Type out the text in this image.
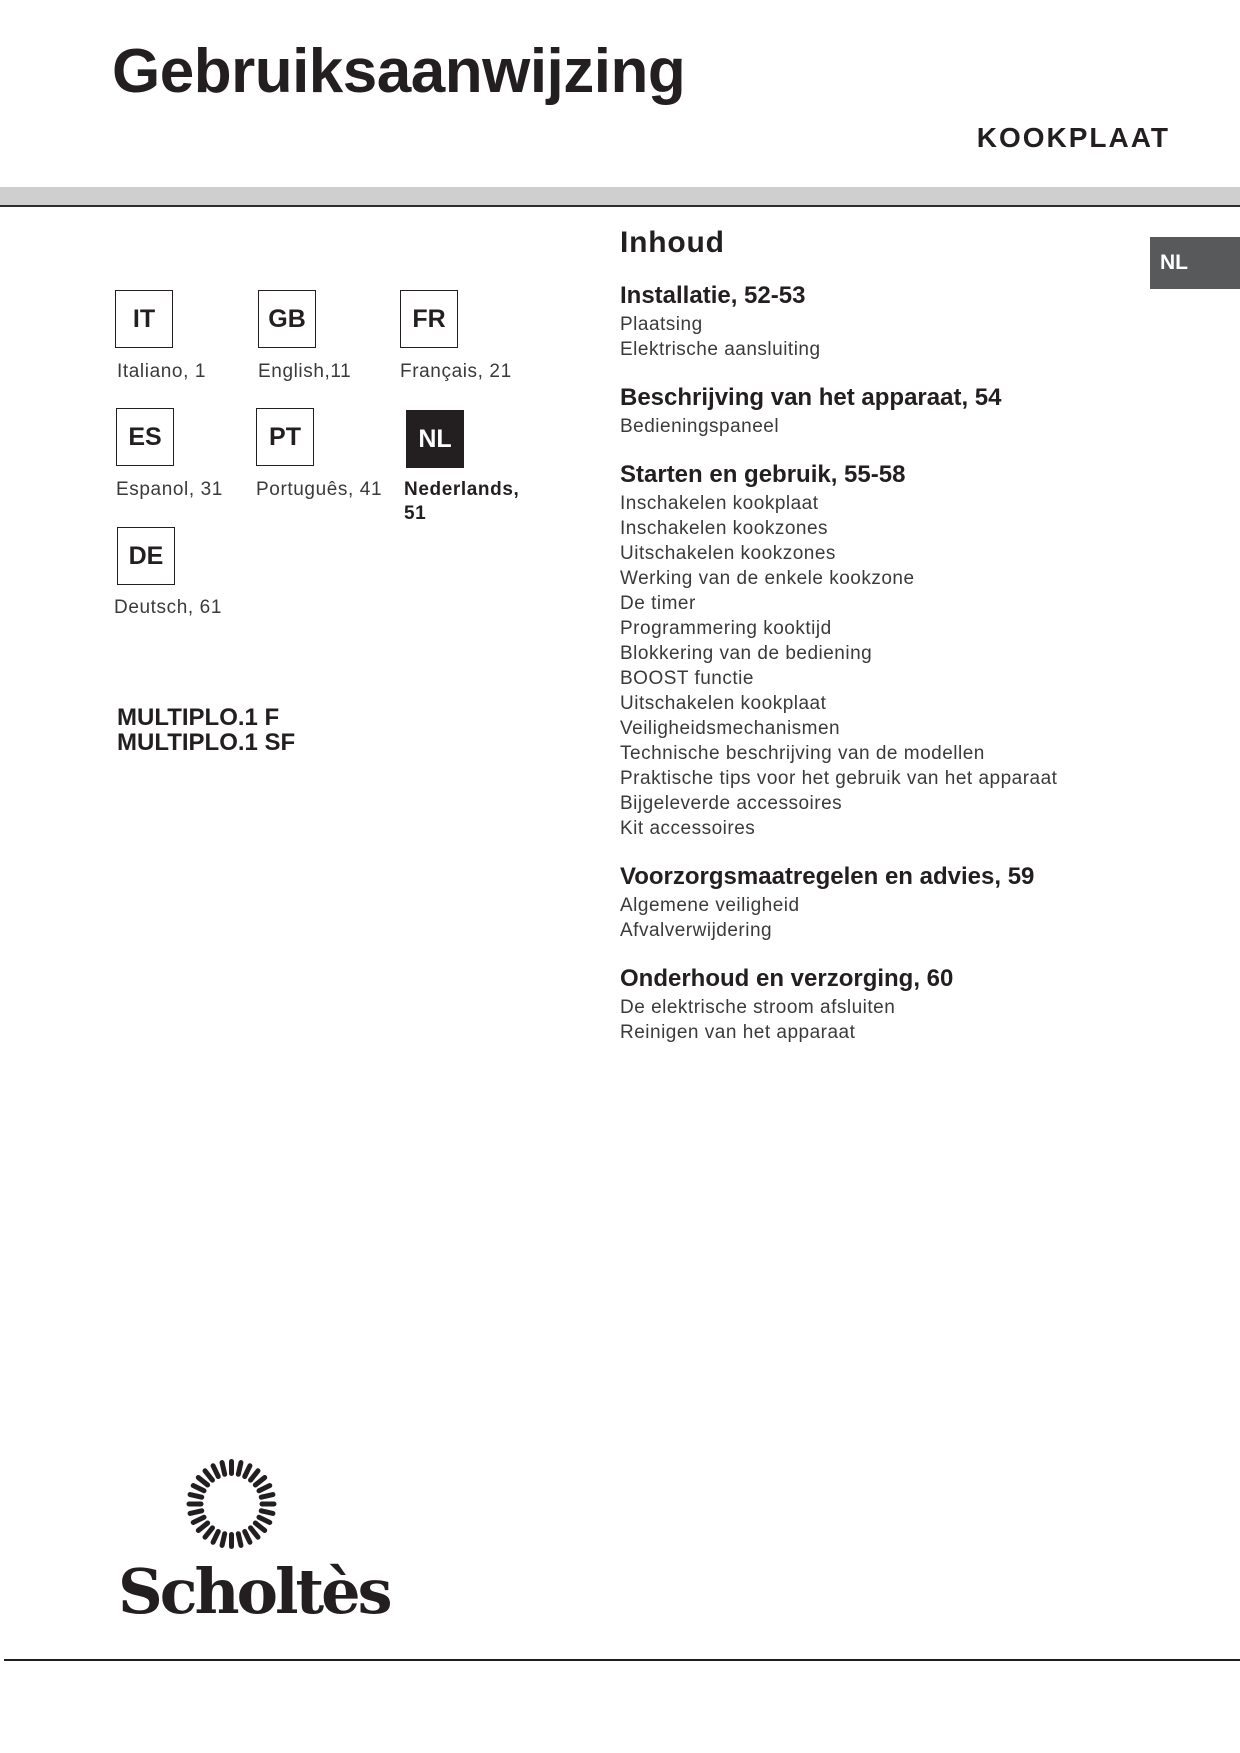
Gebruiksaanwijzing
KOOKPLAAT
NL
IT
Italiano, 1
GB
English,11
FR
Français, 21
ES
Espanol, 31
PT
Português, 41
NL
Nederlands,
51
DE
Deutsch, 61
MULTIPLO.1 F
MULTIPLO.1 SF
Inhoud
Installatie, 52-53
Plaatsing
Elektrische aansluiting
Beschrijving van het apparaat, 54
Bedieningspaneel
Starten en gebruik, 55-58
Inschakelen kookplaat
Inschakelen kookzones
Uitschakelen kookzones
Werking van de enkele kookzone
De timer
Programmering kooktijd
Blokkering van de bediening
BOOST functie
Uitschakelen kookplaat
Veiligheidsmechanismen
Technische beschrijving van de modellen
Praktische tips voor het gebruik van het apparaat
Bijgeleverde accessoires
Kit accessoires
Voorzorgsmaatregelen en advies, 59
Algemene veiligheid
Afvalverwijdering
Onderhoud en verzorging, 60
De elektrische stroom afsluiten
Reinigen van het apparaat
Scholtès
